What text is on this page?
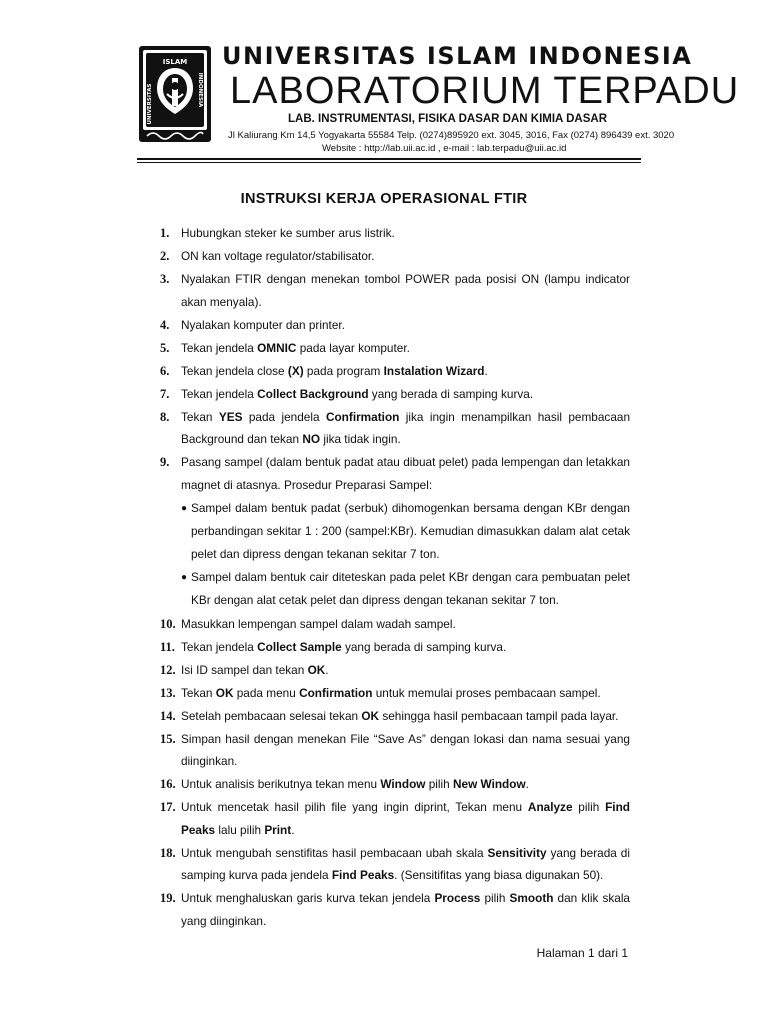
ISLAM
UNIVERSITAS	INDONESIA
UNIVERSITAS ISLAM INDONESIA
LABORATORIUM TERPADU
LAB. INSTRUMENTASI, FISIKA DASAR DAN KIMIA DASAR
Jl Kaliurang Km 14,5 Yogyakarta 55584 Telp. (0274)895920 ext. 3045, 3016, Fax (0274) 896439 ext. 3020
Website : http://lab.uii.ac.id , e-mail : lab.terpadu@uii.ac.id
INSTRUKSI KERJA OPERASIONAL FTIR
1. Hubungkan steker ke sumber arus listrik.
2. ON kan voltage regulator/stabilisator.
3. Nyalakan FTIR dengan menekan tombol POWER pada posisi ON (lampu indicator akan menyala).
4. Nyalakan komputer dan printer.
5. Tekan jendela OMNIC pada layar komputer.
6. Tekan jendela close (X) pada program Instalation Wizard.
7. Tekan jendela Collect Background yang berada di samping kurva.
8. Tekan YES pada jendela Confirmation jika ingin menampilkan hasil pembacaan Background dan tekan NO jika tidak ingin.
9. Pasang sampel (dalam bentuk padat atau dibuat pelet) pada lempengan dan letakkan magnet di atasnya. Prosedur Preparasi Sampel:
● Sampel dalam bentuk padat (serbuk) dihomogenkan bersama dengan KBr dengan perbandingan sekitar 1 : 200 (sampel:KBr). Kemudian dimasukkan dalam alat cetak pelet dan dipress dengan tekanan sekitar 7 ton.
● Sampel dalam bentuk cair diteteskan pada pelet KBr dengan cara pembuatan pelet KBr dengan alat cetak pelet dan dipress dengan tekanan sekitar 7 ton.
10. Masukkan lempengan sampel dalam wadah sampel.
11. Tekan jendela Collect Sample yang berada di samping kurva.
12. Isi ID sampel dan tekan OK.
13. Tekan OK pada menu Confirmation untuk memulai proses pembacaan sampel.
14. Setelah pembacaan selesai tekan OK sehingga hasil pembacaan tampil pada layar.
15. Simpan hasil dengan menekan File “Save As” dengan lokasi dan nama sesuai yang diinginkan.
16. Untuk analisis berikutnya tekan menu Window pilih New Window.
17. Untuk mencetak hasil pilih file yang ingin diprint, Tekan menu Analyze pilih Find Peaks lalu pilih Print.
18. Untuk mengubah senstifitas hasil pembacaan ubah skala Sensitivity yang berada di samping kurva pada jendela Find Peaks. (Sensitifitas yang biasa digunakan 50).
19. Untuk menghaluskan garis kurva tekan jendela Process pilih Smooth dan klik skala yang diinginkan.
Halaman 1 dari 1
